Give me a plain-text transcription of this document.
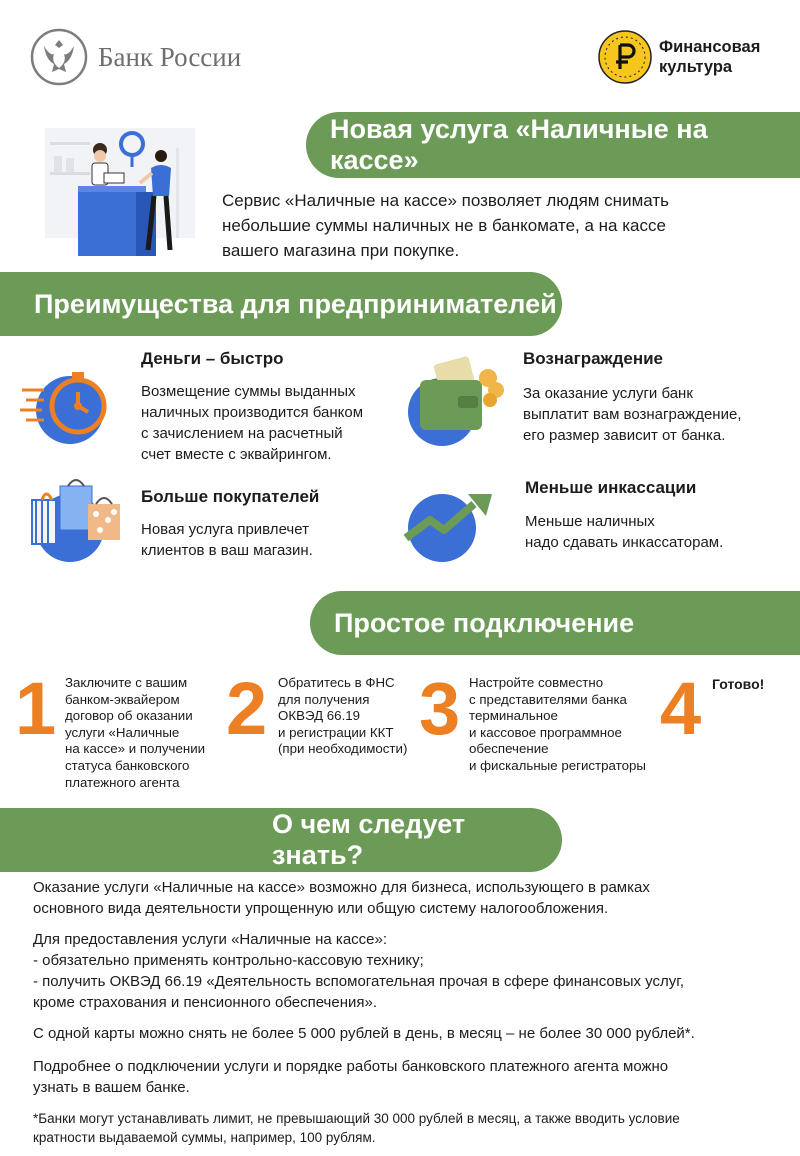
Банк России	Финансовая
культура
Новая услуга «Наличные на кассе»
Сервис «Наличные на кассе» позволяет людям снимать
небольшие суммы наличных не в банкомате, а на кассе
вашего магазина при покупке.
Преимущества для предпринимателей
Деньги – быстро
Возмещение суммы выданных
наличных производится банком
с зачислением на расчетный
счет вместе с эквайрингом.
Вознаграждение
За оказание услуги банк
выплатит вам вознаграждение,
его размер зависит от банка.
Больше покупателей
Новая услуга привлечет
клиентов в ваш магазин.
Меньше инкассации
Меньше наличных
надо сдавать инкассаторам.
Простое подключение
1 Заключите с вашим
банком-эквайером
договор об оказании
услуги «Наличные
на кассе» и получении
статуса банковского
платежного агента
2 Обратитесь в ФНС
для получения
ОКВЭД 66.19
и регистрации ККТ
(при необходимости) 3 Настройте совместно
с представителями банка
терминальное
и кассовое программное
обеспечение
и фискальные регистраторы
4 Готово!
О чем следует знать?
Оказание услуги «Наличные на кассе» возможно для бизнеса, использующего в рамках
основного вида деятельности упрощенную или общую систему налогообложения.
Для предоставления услуги «Наличные на кассе»:
- обязательно применять контрольно-кассовую технику;
- получить ОКВЭД 66.19 «Деятельность вспомогательная прочая в сфере финансовых услуг,
кроме страхования и пенсионного обеспечения».
С одной карты можно снять не более 5 000 рублей в день, в месяц – не более 30 000 рублей*.
Подробнее о подключении услуги и порядке работы банковского платежного агента можно
узнать в вашем банке.
*Банки могут устанавливать лимит, не превышающий 30 000 рублей в месяц, а также вводить условие
кратности выдаваемой суммы, например, 100 рублям.
